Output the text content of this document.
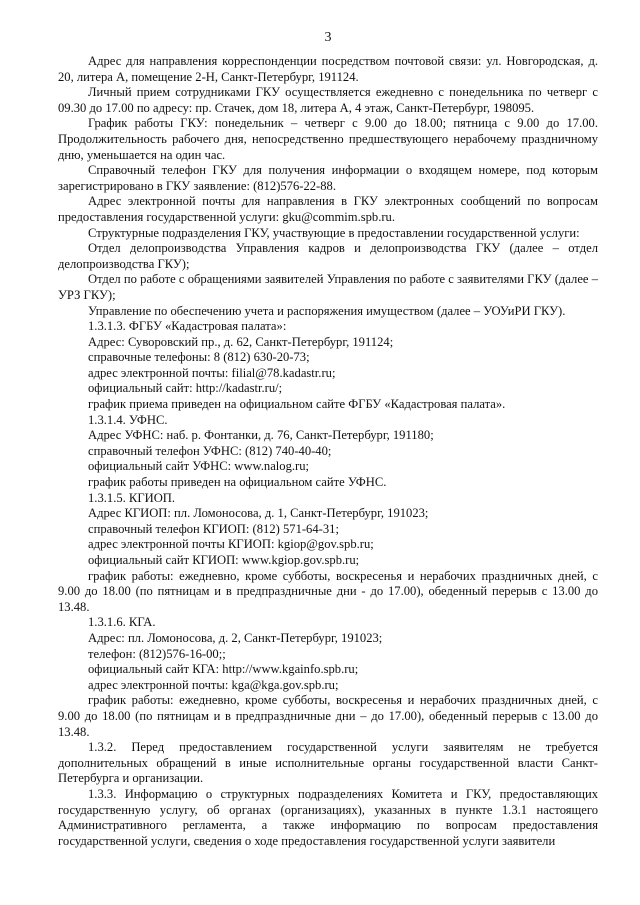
3

Адрес для направления корреспонденции посредством почтовой связи: ул. Новгородская, д. 20, литера А, помещение 2-Н, Санкт-Петербург, 191124.

Личный прием сотрудниками ГКУ осуществляется ежедневно с понедельника по четверг с 09.30 до 17.00 по адресу: пр. Стачек, дом 18, литера А, 4 этаж, Санкт-Петербург, 198095.

График работы ГКУ: понедельник – четверг с 9.00 до 18.00; пятница с 9.00 до 17.00. Продолжительность рабочего дня, непосредственно предшествующего нерабочему праздничному дню, уменьшается на один час.

Справочный телефон ГКУ для получения информации о входящем номере, под которым зарегистрировано в ГКУ заявление: (812)576-22-88.

Адрес электронной почты для направления в ГКУ электронных сообщений по вопросам предоставления государственной услуги: gku@commim.spb.ru.

Структурные подразделения ГКУ, участвующие в предоставлении государственной услуги:

Отдел делопроизводства Управления кадров и делопроизводства ГКУ (далее – отдел делопроизводства ГКУ);

Отдел по работе с обращениями заявителей Управления по работе с заявителями ГКУ (далее – УРЗ ГКУ);

Управление по обеспечению учета и распоряжения имуществом (далее – УОУиРИ ГКУ).

1.3.1.3. ФГБУ «Кадастровая палата»:

Адрес: Суворовский пр., д. 62, Санкт-Петербург, 191124;

справочные телефоны: 8 (812) 630-20-73;

адрес электронной почты: filial@78.kadastr.ru;

официальный сайт: http://kadastr.ru/;

график приема приведен на официальном сайте ФГБУ «Кадастровая палата».

1.3.1.4. УФНС.

Адрес УФНС: наб. р. Фонтанки, д. 76, Санкт-Петербург, 191180;

справочный телефон УФНС: (812) 740-40-40;

официальный сайт УФНС: www.nalog.ru;

график работы приведен на официальном сайте УФНС.

1.3.1.5. КГИОП.

Адрес КГИОП: пл. Ломоносова, д. 1, Санкт-Петербург, 191023;

справочный телефон КГИОП: (812) 571-64-31;

адрес электронной почты КГИОП: kgiop@gov.spb.ru;

официальный сайт КГИОП: www.kgiop.gov.spb.ru;

график работы: ежедневно, кроме субботы, воскресенья и нерабочих праздничных дней, с 9.00 до 18.00 (по пятницам и в предпраздничные дни - до 17.00), обеденный перерыв с 13.00 до 13.48.

1.3.1.6. КГА.

Адрес: пл. Ломоносова, д. 2, Санкт-Петербург, 191023;

телефон: (812)576-16-00;;

официальный сайт КГА: http://www.kgainfo.spb.ru;

адрес электронной почты: kga@kga.gov.spb.ru;

график работы: ежедневно, кроме субботы, воскресенья и нерабочих праздничных дней, с 9.00 до 18.00 (по пятницам и в предпраздничные дни – до 17.00), обеденный перерыв с 13.00 до 13.48.

1.3.2. Перед предоставлением государственной услуги заявителям не требуется дополнительных обращений в иные исполнительные органы государственной власти Санкт-Петербурга и организации.

1.3.3. Информацию о структурных подразделениях Комитета и ГКУ, предоставляющих государственную услугу, об органах (организациях), указанных в пункте 1.3.1 настоящего Административного регламента, а также информацию по вопросам предоставления государственной услуги, сведения о ходе предоставления государственной услуги заявители
